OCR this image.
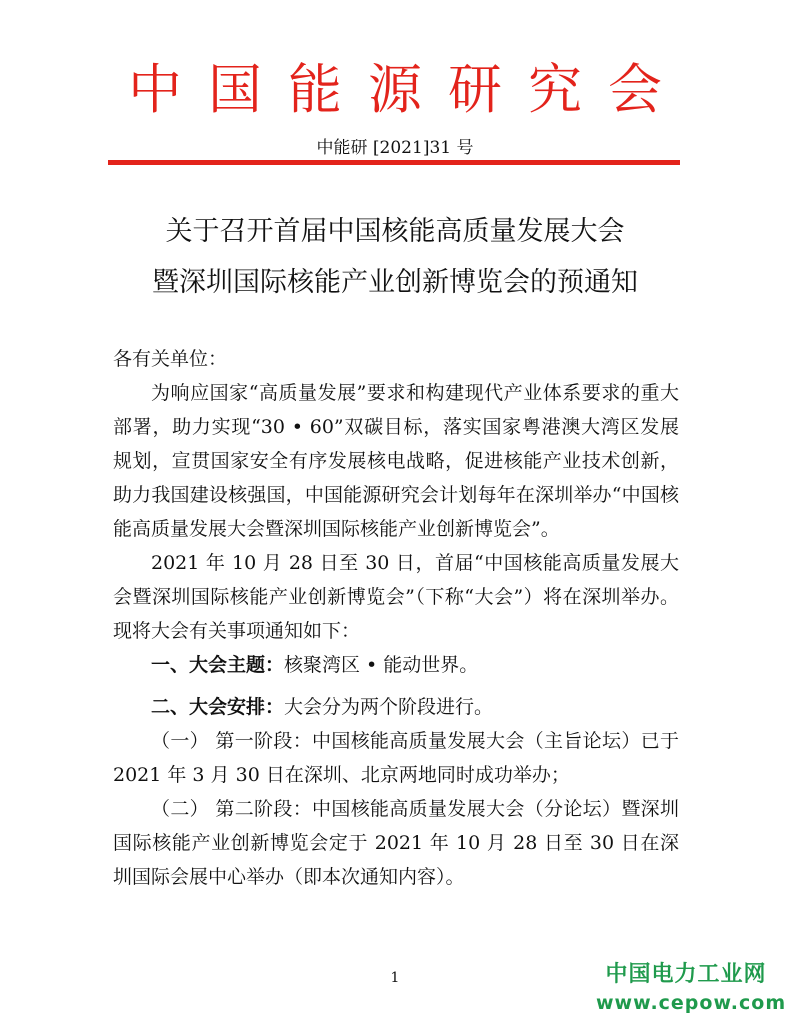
中国能源研究会
中能研 [2021]31 号
关于召开首届中国核能高质量发展大会
暨深圳国际核能产业创新博览会的预通知

各有关单位：

为响应国家“高质量发展”要求和构建现代产业体系要求的重大部署，助力实现“30 • 60”双碳目标，落实国家粤港澳大湾区发展规划，宣贯国家安全有序发展核电战略，促进核能产业技术创新，助力我国建设核强国，中国能源研究会计划每年在深圳举办“中国核能高质量发展大会暨深圳国际核能产业创新博览会”。

2021 年 10 月 28 日至 30 日，首届“中国核能高质量发展大会暨深圳国际核能产业创新博览会”（下称“大会”）将在深圳举办。现将大会有关事项通知如下：

一、大会主题：核聚湾区 • 能动世界。

二、大会安排：大会分为两个阶段进行。

（一） 第一阶段：中国核能高质量发展大会（主旨论坛）已于 2021 年 3 月 30 日在深圳、北京两地同时成功举办；

（二） 第二阶段：中国核能高质量发展大会（分论坛）暨深圳国际核能产业创新博览会定于 2021 年 10 月 28 日至 30 日在深圳国际会展中心举办（即本次通知内容）。

1	中国电力工业网
www.cepow.com
